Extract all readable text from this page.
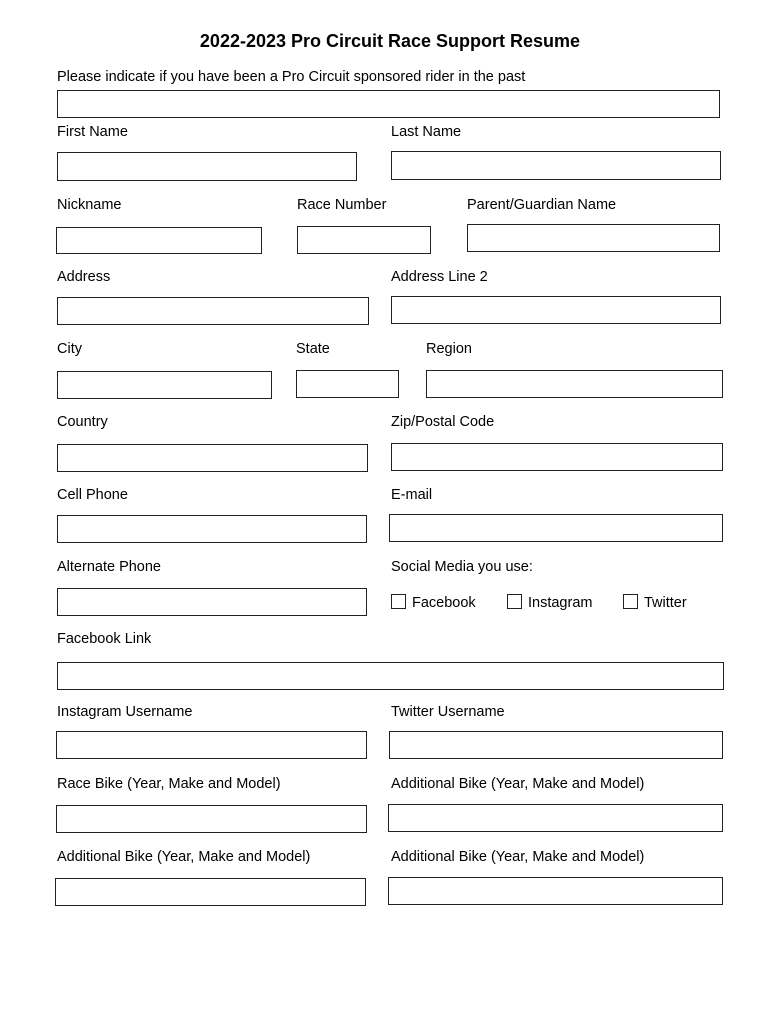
2022-2023 Pro Circuit Race Support Resume
Please indicate if you have been a Pro Circuit sponsored rider in the past
First Name	Last Name
Nickname	Race Number	Parent/Guardian Name
Address	Address Line 2
City	State	Region
Country	Zip/Postal Code
Cell Phone	E-mail
Alternate Phone	Social Media you use:
Facebook	Instagram	Twitter
Facebook Link
Instagram Username	Twitter Username
Race Bike (Year, Make and Model)	Additional Bike (Year, Make and Model)
Additional Bike (Year, Make and Model)	Additional Bike (Year, Make and Model)
